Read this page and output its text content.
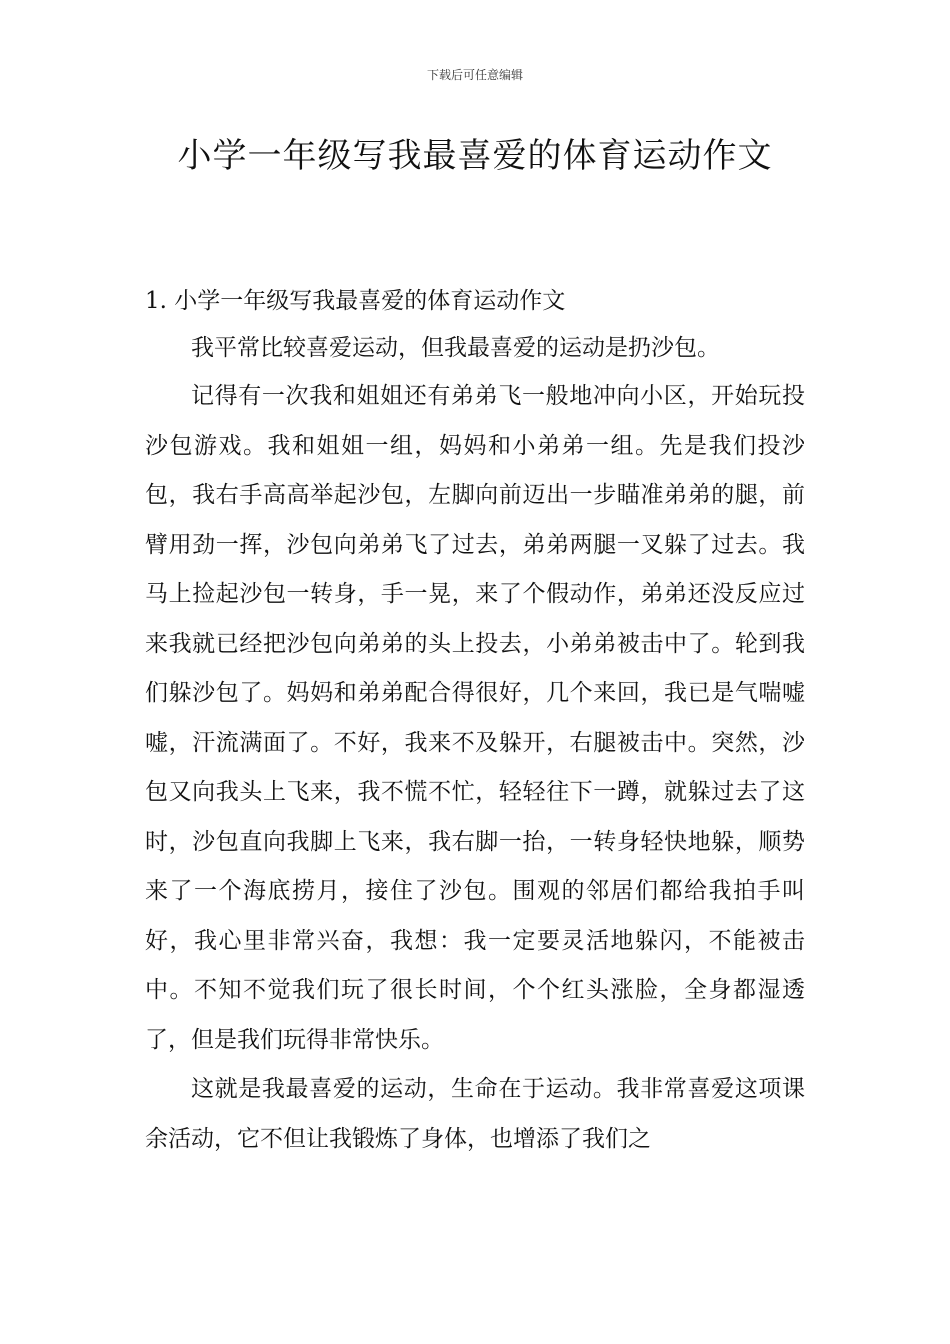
下载后可任意编辑
小学一年级写我最喜爱的体育运动作文
1. 小学一年级写我最喜爱的体育运动作文

我平常比较喜爱运动，但我最喜爱的运动是扔沙包。

记得有一次我和姐姐还有弟弟飞一般地冲向小区，开始玩投沙包游戏。我和姐姐一组，妈妈和小弟弟一组。先是我们投沙包，我右手高高举起沙包，左脚向前迈出一步瞄准弟弟的腿，前臂用劲一挥，沙包向弟弟飞了过去，弟弟两腿一叉躲了过去。我马上捡起沙包一转身，手一晃，来了个假动作，弟弟还没反应过来我就已经把沙包向弟弟的头上投去，小弟弟被击中了。轮到我们躲沙包了。妈妈和弟弟配合得很好，几个来回，我已是气喘嘘嘘，汗流满面了。不好，我来不及躲开，右腿被击中。突然，沙包又向我头上飞来，我不慌不忙，轻轻往下一蹲，就躲过去了这时，沙包直向我脚上飞来，我右脚一抬，一转身轻快地躲，顺势来了一个海底捞月，接住了沙包。围观的邻居们都给我拍手叫好，我心里非常兴奋，我想：我一定要灵活地躲闪，不能被击中。不知不觉我们玩了很长时间，个个红头涨脸，全身都湿透了，但是我们玩得非常快乐。

这就是我最喜爱的运动，生命在于运动。我非常喜爱这项课余活动，它不但让我锻炼了身体，也增添了我们之
